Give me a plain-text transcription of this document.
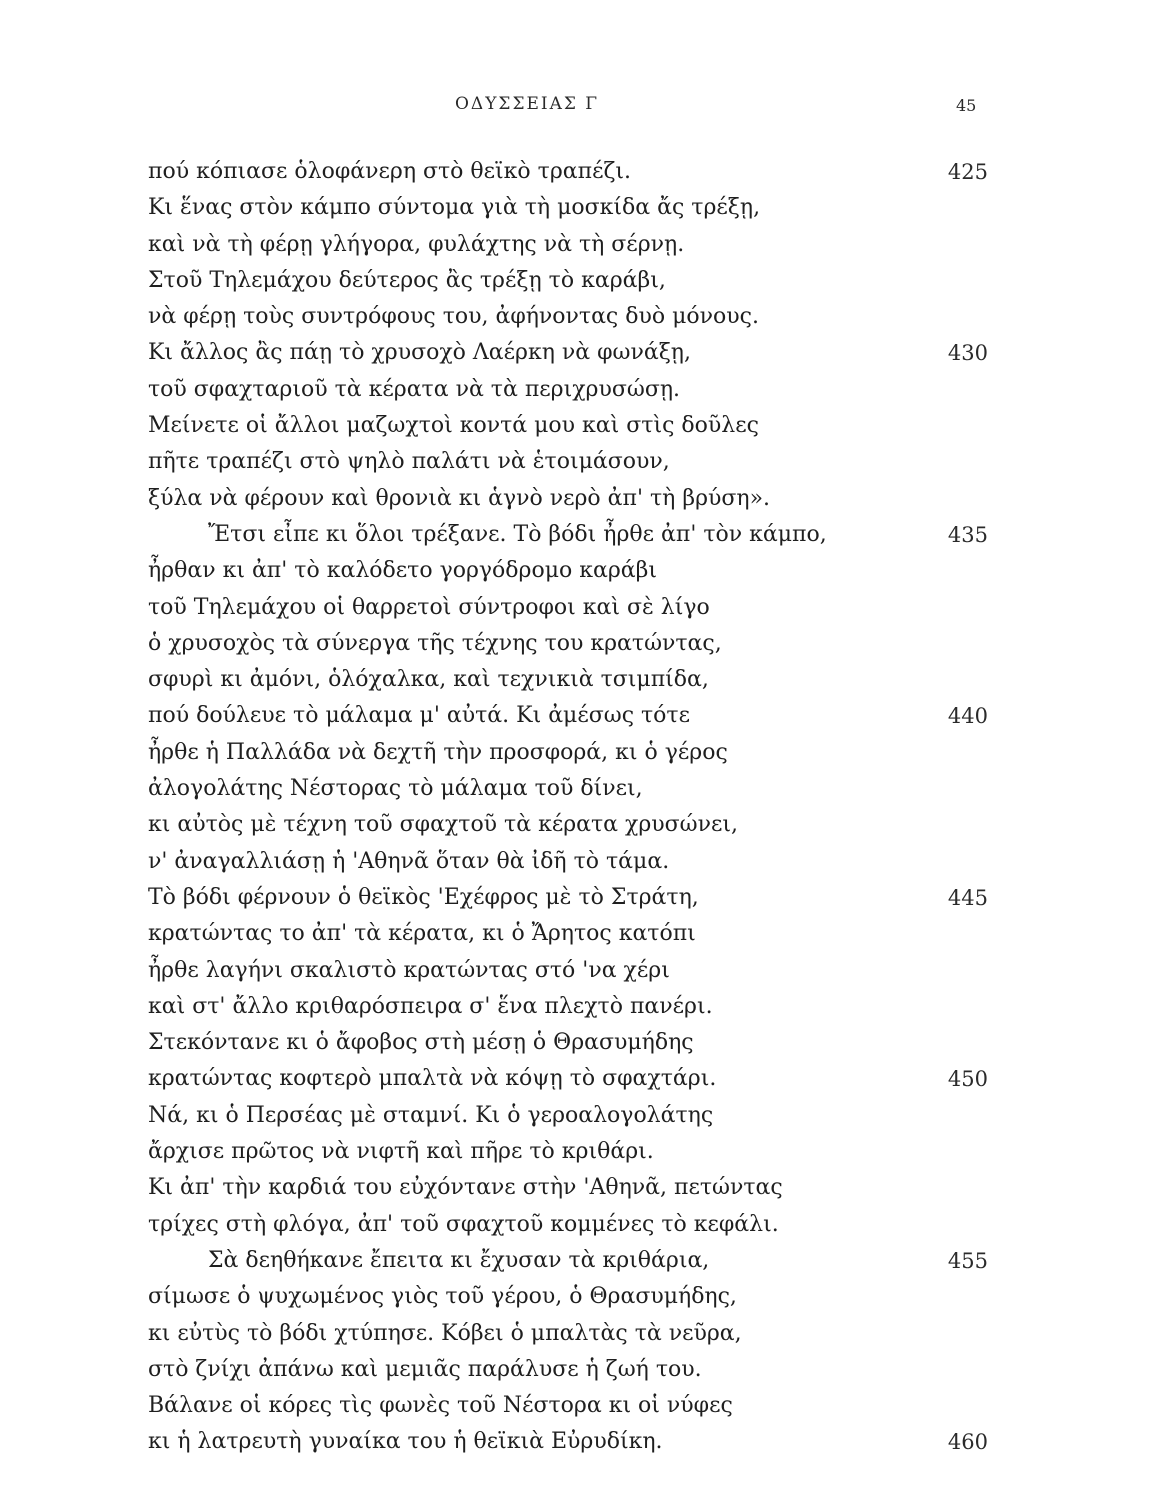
ΟΔΥΣΣΕΙΑΣ Γ	45
πού κόπιασε ὁλοφάνερη στὸ θεϊκὸ τραπέζι.	425
Κι ἕνας στὸν κάμπο σύντομα γιὰ τὴ μοσκίδα ἄς τρέξῃ,
καὶ νὰ τὴ φέρῃ γλήγορα, φυλάχτης νὰ τὴ σέρνῃ.
Στοῦ Τηλεμάχου δεύτερος ἂς τρέξῃ τὸ καράβι,
νὰ φέρῃ τοὺς συντρόφους του, ἀφήνοντας δυὸ μόνους.
Κι ἄλλος ἂς πάῃ τὸ χρυσοχὸ Λαέρκη νὰ φωνάξῃ,	430
τοῦ σφαχταριοῦ τὰ κέρατα νὰ τὰ περιχρυσώσῃ.
Μείνετε οἱ ἄλλοι μαζωχτοὶ κοντά μου καὶ στὶς δοῦλες
πῆτε τραπέζι στὸ ψηλὸ παλάτι νὰ ἑτοιμάσουν,
ξύλα νὰ φέρουν καὶ θρονιὰ κι ἁγνὸ νερὸ ἀπ' τὴ βρύση».
Ἔτσι εἶπε κι ὅλοι τρέξανε. Τὸ βόδι ἦρθε ἀπ' τὸν κάμπο,	435
ἦρθαν κι ἀπ' τὸ καλόδετο γοργόδρομο καράβι
τοῦ Τηλεμάχου οἱ θαρρετοὶ σύντροφοι καὶ σὲ λίγο
ὁ χρυσοχὸς τὰ σύνεργα τῆς τέχνης του κρατώντας,
σφυρὶ κι ἀμόνι, ὁλόχαλκα, καὶ τεχνικιὰ τσιμπίδα,
πού δούλευε τὸ μάλαμα μ' αὐτά. Κι ἀμέσως τότε	440
ἦρθε ἡ Παλλάδα νὰ δεχτῆ τὴν προσφορά, κι ὁ γέρος
ἀλογολάτης Νέστορας τὸ μάλαμα τοῦ δίνει,
κι αὐτὸς μὲ τέχνη τοῦ σφαχτοῦ τὰ κέρατα χρυσώνει,
ν' ἀναγαλλιάσῃ ἡ 'Αθηνᾶ ὅταν θὰ ἰδῆ τὸ τάμα.
Τὸ βόδι φέρνουν ὁ θεϊκὸς 'Εχέφρος μὲ τὸ Στράτη,	445
κρατώντας το ἀπ' τὰ κέρατα, κι ὁ Ἄρητος κατόπι
ἦρθε λαγήνι σκαλιστὸ κρατώντας στό 'να χέρι
καὶ στ' ἄλλο κριθαρόσπειρα σ' ἕνα πλεχτὸ πανέρι.
Στεκόντανε κι ὁ ἄφοβος στὴ μέσῃ ὁ Θρασυμήδης
κρατώντας κοφτερὸ μπαλτὰ νὰ κόψῃ τὸ σφαχτάρι.	450
Νά, κι ὁ Περσέας μὲ σταμνί. Κι ὁ γεροαλογολάτης
ἄρχισε πρῶτος νὰ νιφτῆ καὶ πῆρε τὸ κριθάρι.
Κι ἀπ' τὴν καρδιά του εὐχόντανε στὴν 'Αθηνᾶ, πετώντας
τρίχες στὴ φλόγα, ἀπ' τοῦ σφαχτοῦ κομμένες τὸ κεφάλι.
Σὰ δεηθήκανε ἔπειτα κι ἔχυσαν τὰ κριθάρια,	455
σίμωσε ὁ ψυχωμένος γιὸς τοῦ γέρου, ὁ Θρασυμήδης,
κι εὐτὺς τὸ βόδι χτύπησε. Κόβει ὁ μπαλτὰς τὰ νεῦρα,
στὸ ζνίχι ἀπάνω καὶ μεμιᾶς παράλυσε ἡ ζωή του.
Βάλανε οἱ κόρες τὶς φωνὲς τοῦ Νέστορα κι οἱ νύφες
κι ἡ λατρευτὴ γυναίκα του ἡ θεϊκιὰ Εὐρυδίκη.	460
